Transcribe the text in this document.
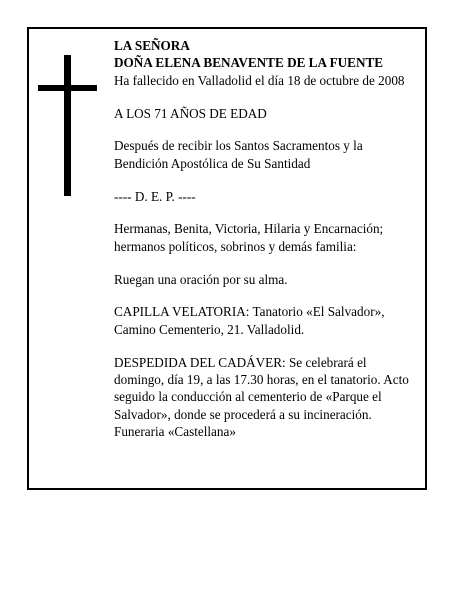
LA SEÑORA

DOÑA ELENA BENAVENTE DE LA FUENTE

Ha fallecido en Valladolid el día 18 de octubre de 2008

A LOS 71 AÑOS DE EDAD

Después de recibir los Santos Sacramentos y la

Bendición Apostólica de Su Santidad

---- D. E. P. ----

Hermanas, Benita, Victoria, Hilaria y Encarnación;

hermanos políticos, sobrinos y demás familia:

Ruegan una oración por su alma.

CAPILLA VELATORIA: Tanatorio «El Salvador»,

Camino Cementerio, 21. Valladolid.

DESPEDIDA DEL CADÁVER: Se celebrará el

domingo, día 19, a las 17.30 horas, en el tanatorio. Acto

seguido la conducción al cementerio de «Parque el

Salvador», donde se procederá a su incineración.

Funeraria «Castellana»
